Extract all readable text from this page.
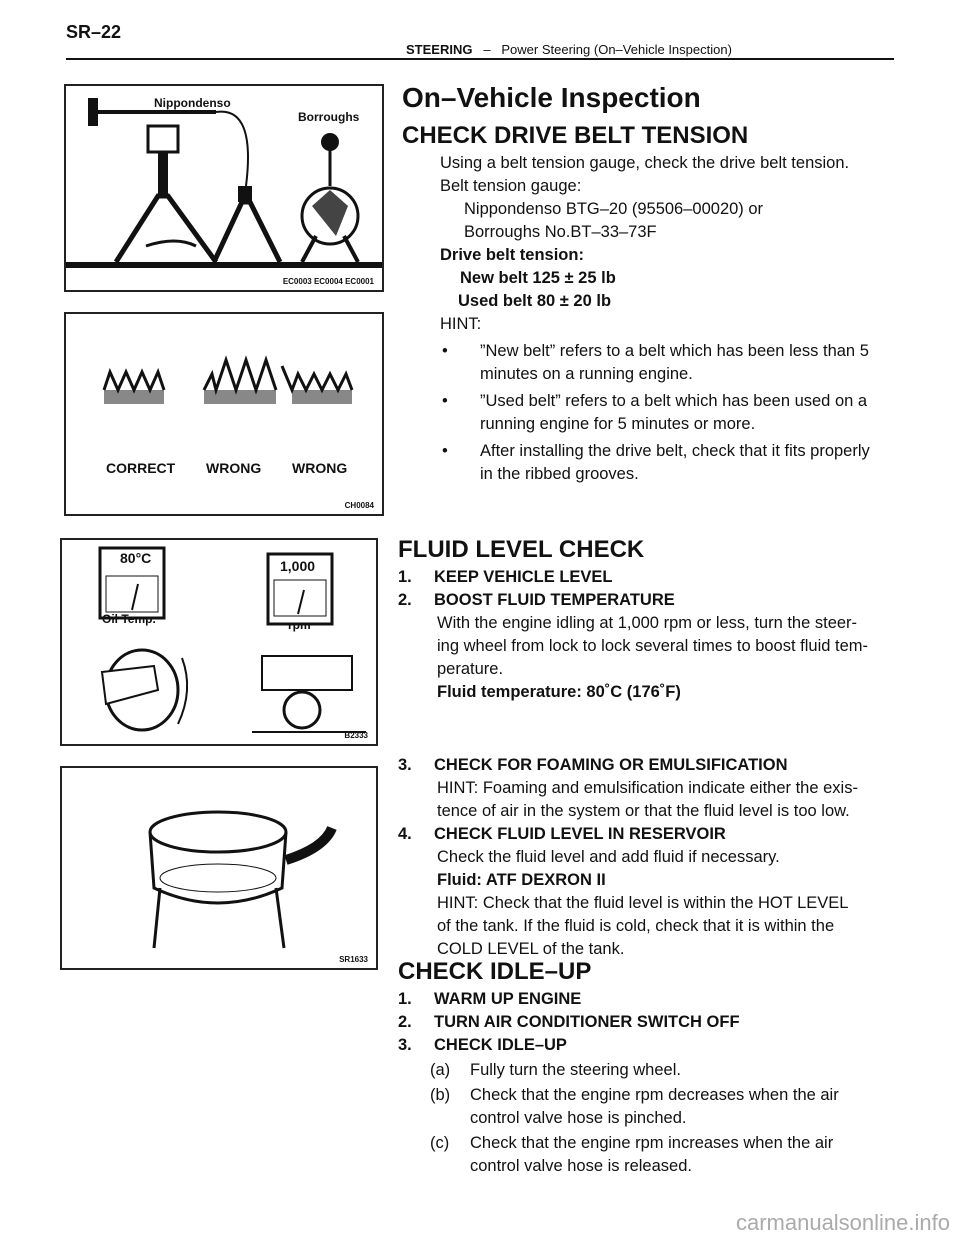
SR–22
STEERING – Power Steering (On–Vehicle Inspection)
Nippondenso
Borroughs
EC0003 EC0004 EC0001
CORRECT WRONG WRONG
CH0084
80°C
Oil Temp.
1,000
rpm
B2333
SR1633
On–Vehicle Inspection
CHECK DRIVE BELT TENSION
Using a belt tension gauge, check the drive belt tension.
Belt tension gauge:
Nippondenso BTG–20 (95506–00020) or
Borroughs No.BT–33–73F
Drive belt tension:
New belt 125 ± 25 lb
Used belt 80 ± 20 lb
HINT:
•	”New belt” refers to a belt which has been less than 5
minutes on a running engine.
•	”Used belt” refers to a belt which has been used on a
running engine for 5 minutes or more.
•	After installing the drive belt, check that it fits properly
in the ribbed grooves.
FLUID LEVEL CHECK
1.	KEEP VEHICLE LEVEL
2.	BOOST FLUID TEMPERATURE
With the engine idling at 1,000 rpm or less, turn the steer-
ing wheel from lock to lock several times to boost fluid tem-
perature.
Fluid temperature: 80˚C (176˚F)
3.	CHECK FOR FOAMING OR EMULSIFICATION
HINT: Foaming and emulsification indicate either the exis-
tence of air in the system or that the fluid level is too low.
4.	CHECK FLUID LEVEL IN RESERVOIR
Check the fluid level and add fluid if necessary.
Fluid: ATF DEXRON II
HINT: Check that the fluid level is within the HOT LEVEL
of the tank. If the fluid is cold, check that it is within the
COLD LEVEL of the tank.
CHECK IDLE–UP
1.	WARM UP ENGINE
2.	TURN AIR CONDITIONER SWITCH OFF
3.	CHECK IDLE–UP
(a)	Fully turn the steering wheel.
(b)	Check that the engine rpm decreases when the air
control valve hose is pinched.
(c)	Check that the engine rpm increases when the air
control valve hose is released.
carmanualsonline.info
